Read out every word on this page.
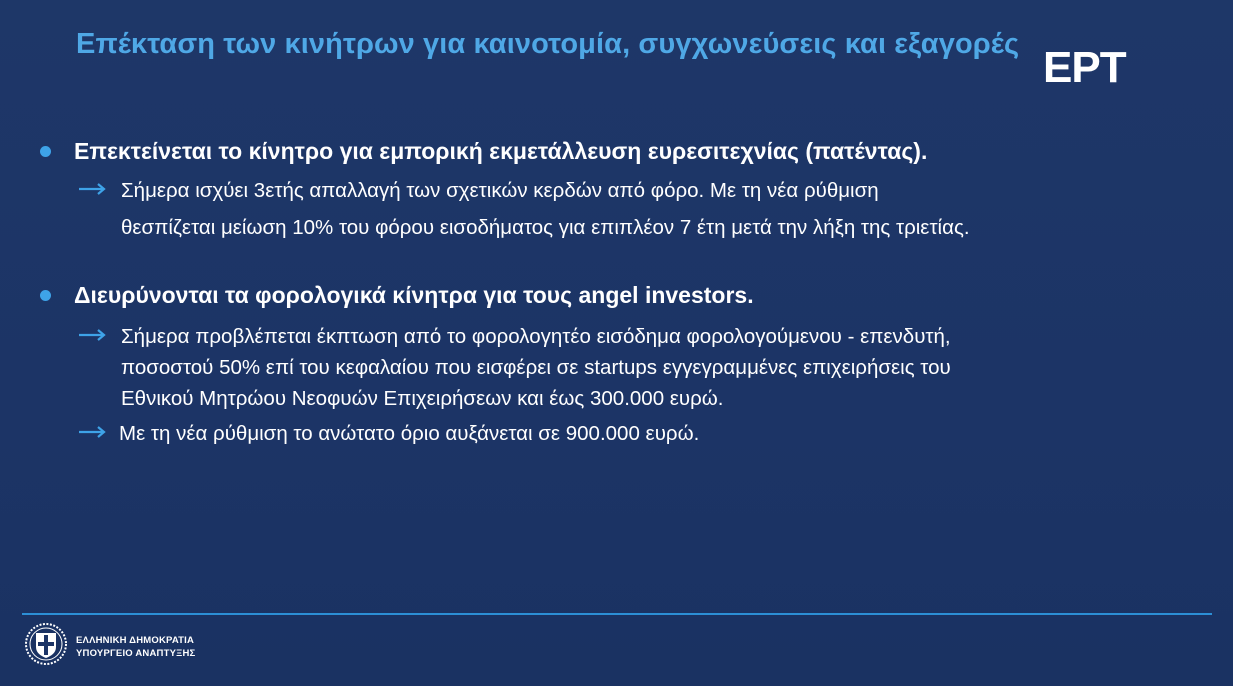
Επέκταση των κινήτρων για καινοτομία, συγχωνεύσεις και εξαγορές ΕΡΤ
Επεκτείνεται το κίνητρο για εμπορική εκμετάλλευση ευρεσιτεχνίας (πατέντας).
Σήμερα ισχύει 3ετής απαλλαγή των σχετικών κερδών από φόρο. Με τη νέα ρύθμιση
θεσπίζεται μείωση 10% του φόρου εισοδήματος για επιπλέον 7 έτη μετά την λήξη της τριετίας.
Διευρύνονται τα φορολογικά κίνητρα για τους angel investors.
Σήμερα προβλέπεται έκπτωση από το φορολογητέο εισόδημα φορολογούμενου - επενδυτή,
ποσοστού 50% επί του κεφαλαίου που εισφέρει σε startups εγγεγραμμένες επιχειρήσεις του
Εθνικού Μητρώου Νεοφυών Επιχειρήσεων και έως 300.000 ευρώ.
Με τη νέα ρύθμιση το ανώτατο όριο αυξάνεται σε 900.000 ευρώ.
ΕΛΛΗΝΙΚΗ ΔΗΜΟΚΡΑΤΙΑ
ΥΠΟΥΡΓΕΙΟ ΑΝΑΠΤΥΞΗΣ
